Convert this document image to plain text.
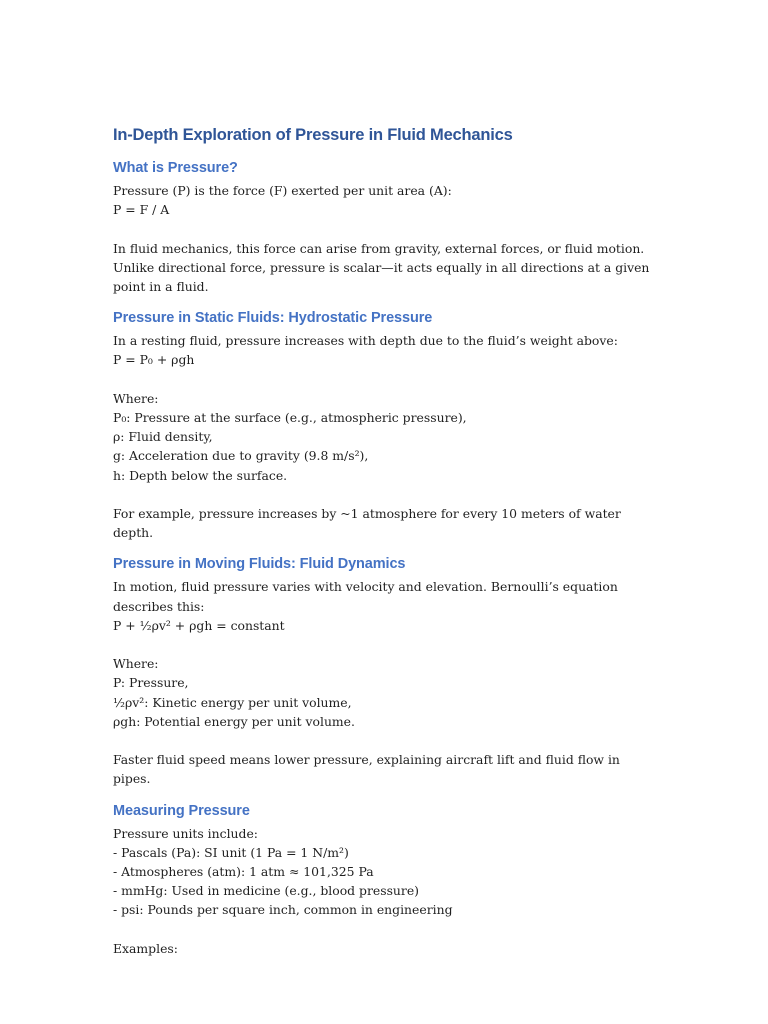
In-Depth Exploration of Pressure in Fluid Mechanics
What is Pressure?
Pressure (P) is the force (F) exerted per unit area (A):
P = F / A
In fluid mechanics, this force can arise from gravity, external forces, or fluid motion. Unlike directional force, pressure is scalar—it acts equally in all directions at a given point in a fluid.
Pressure in Static Fluids: Hydrostatic Pressure
In a resting fluid, pressure increases with depth due to the fluid’s weight above:
P = P₀ + ρgh
Where:
P₀: Pressure at the surface (e.g., atmospheric pressure),
ρ: Fluid density,
g: Acceleration due to gravity (9.8 m/s²),
h: Depth below the surface.
For example, pressure increases by ~1 atmosphere for every 10 meters of water depth.
Pressure in Moving Fluids: Fluid Dynamics
In motion, fluid pressure varies with velocity and elevation. Bernoulli’s equation describes this:
P + ½ρv² + ρgh = constant
Where:
P: Pressure,
½ρv²: Kinetic energy per unit volume,
ρgh: Potential energy per unit volume.
Faster fluid speed means lower pressure, explaining aircraft lift and fluid flow in pipes.
Measuring Pressure
Pressure units include:
- Pascals (Pa): SI unit (1 Pa = 1 N/m²)
- Atmospheres (atm): 1 atm ≈ 101,325 Pa
- mmHg: Used in medicine (e.g., blood pressure)
- psi: Pounds per square inch, common in engineering
Examples:
